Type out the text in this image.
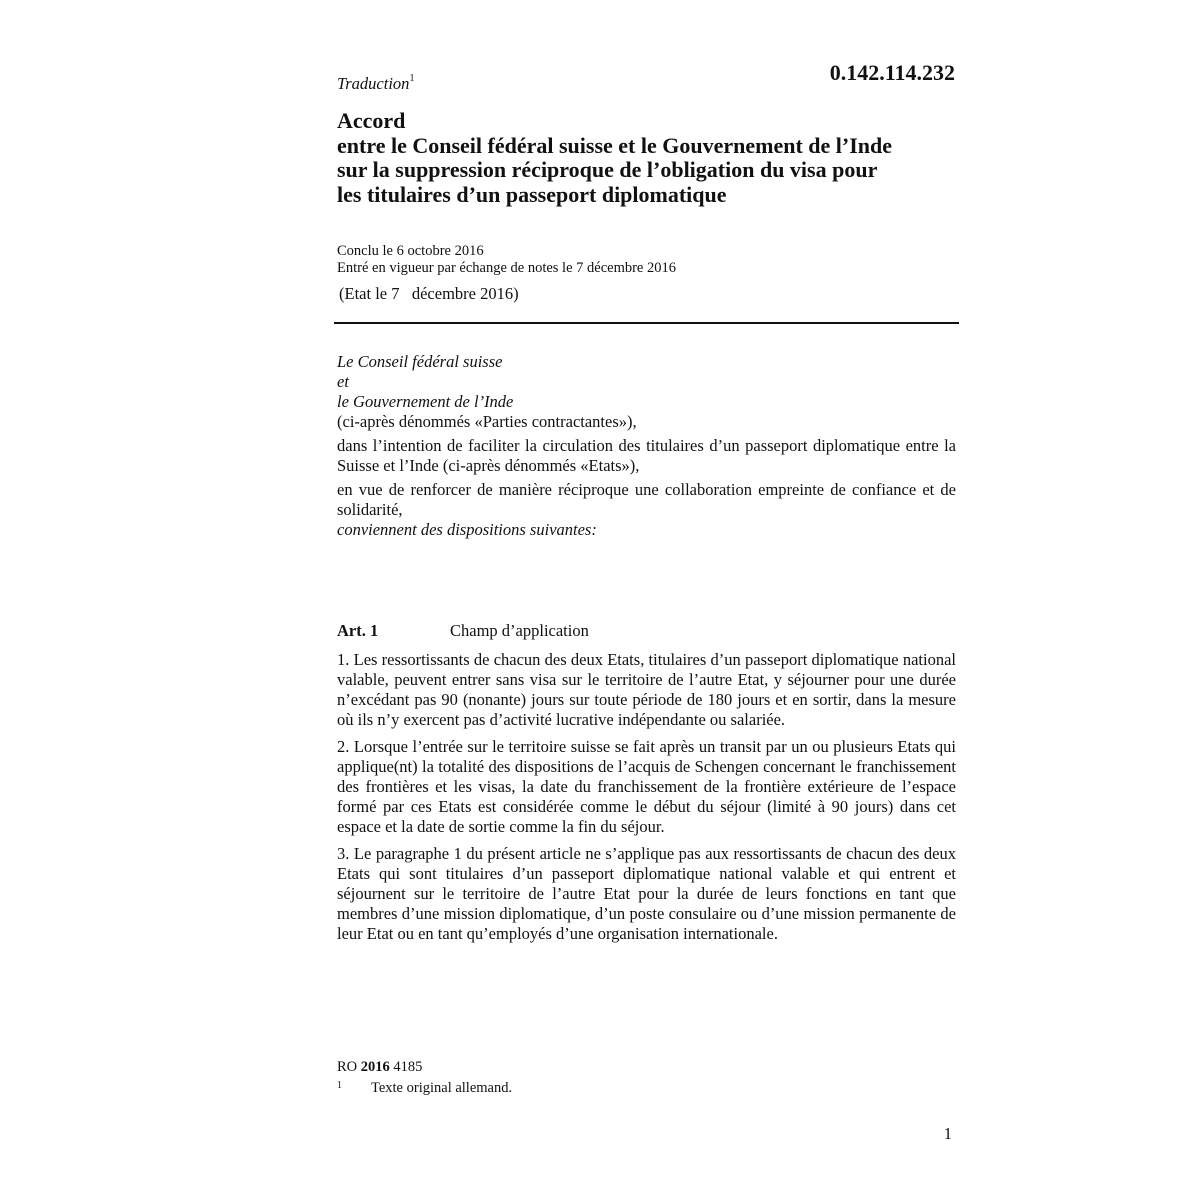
Traduction$^1$	0.142.114.232
Accord
entre le Conseil fédéral suisse et le Gouvernement de l’Inde
sur la suppression réciproque de l’obligation du visa pour
les titulaires d’un passeport diplomatique
Conclu le 6 octobre 2016
Entré en vigueur par échange de notes le 7 décembre 2016
(Etat le 7   décembre 2016)

Le Conseil fédéral suisse

et

le Gouvernement de l’Inde

(ci-après dénommés «Parties contractantes»),

dans l’intention de faciliter la circulation des titulaires d’un passeport diplomatique entre la Suisse et l’Inde (ci-après dénommés «Etats»),

en vue de renforcer de manière réciproque une collaboration empreinte de confiance et de solidarité,

conviennent des dispositions suivantes:

Art. 1	Champ d’application

1. Les ressortissants de chacun des deux Etats, titulaires d’un passeport diplomatique national valable, peuvent entrer sans visa sur le territoire de l’autre Etat, y séjourner pour une durée n’excédant pas 90 (nonante) jours sur toute période de 180 jours et en sortir, dans la mesure où ils n’y exercent pas d’activité lucrative indépendante ou salariée.

2. Lorsque l’entrée sur le territoire suisse se fait après un transit par un ou plusieurs Etats qui applique(nt) la totalité des dispositions de l’acquis de Schengen concernant le franchissement des frontières et les visas, la date du franchissement de la frontière extérieure de l’espace formé par ces Etats est considérée comme le début du séjour (limité à 90 jours) dans cet espace et la date de sortie comme la fin du séjour.

3. Le paragraphe 1 du présent article ne s’applique pas aux ressortissants de chacun des deux Etats qui sont titulaires d’un passeport diplomatique national valable et qui entrent et séjournent sur le territoire de l’autre Etat pour la durée de leurs fonctions en tant que membres d’une mission diplomatique, d’un poste consulaire ou d’une mission permanente de leur Etat ou en tant qu’employés d’une organisation internationale.

RO 2016 4185
1 Texte original allemand.
1
